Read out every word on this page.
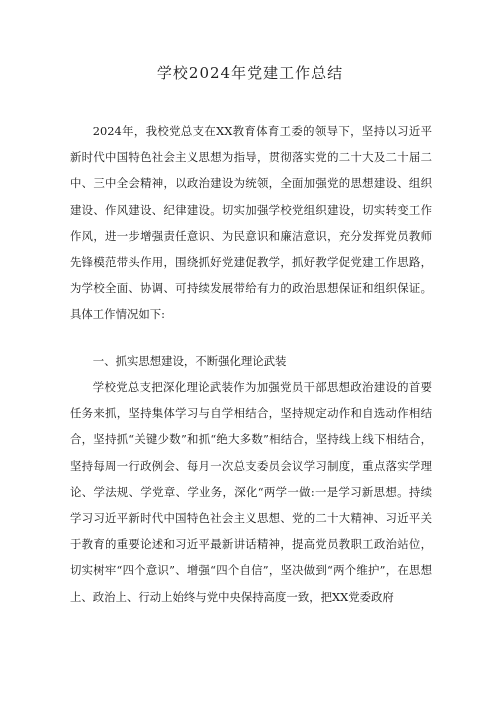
学校2024年党建工作总结

2024年，我校党总支在XX教育体育工委的领导下，坚持以习近平新时代中国特色社会主义思想为指导，贯彻落实党的二十大及二十届二中、三中全会精神，以政治建设为统领，全面加强党的思想建设、组织建设、作风建设、纪律建设。切实加强学校党组织建设，切实转变工作作风，进一步增强责任意识、为民意识和廉洁意识，充分发挥党员教师先锋模范带头作用，围绕抓好党建促教学，抓好教学促党建工作思路，为学校全面、协调、可持续发展带给有力的政治思想保证和组织保证。具体工作情况如下:

一、抓实思想建设，不断强化理论武装

学校党总支把深化理论武装作为加强党员干部思想政治建设的首要任务来抓，坚持集体学习与自学相结合，坚持规定动作和自选动作相结合，坚持抓“关键少数”和抓“绝大多数”相结合，坚持线上线下相结合，坚持每周一行政例会、每月一次总支委员会议学习制度，重点落实学理论、学法规、学党章、学业务，深化“两学一做:一是学习新思想。持续学习习近平新时代中国特色社会主义思想、党的二十大精神、习近平关于教育的重要论述和习近平最新讲话精神，提高党员教职工政治站位，切实树牢“四个意识”、增强“四个自信”，坚决做到“两个维护”，在思想上、政治上、行动上始终与党中央保持高度一致，把XX党委政府
